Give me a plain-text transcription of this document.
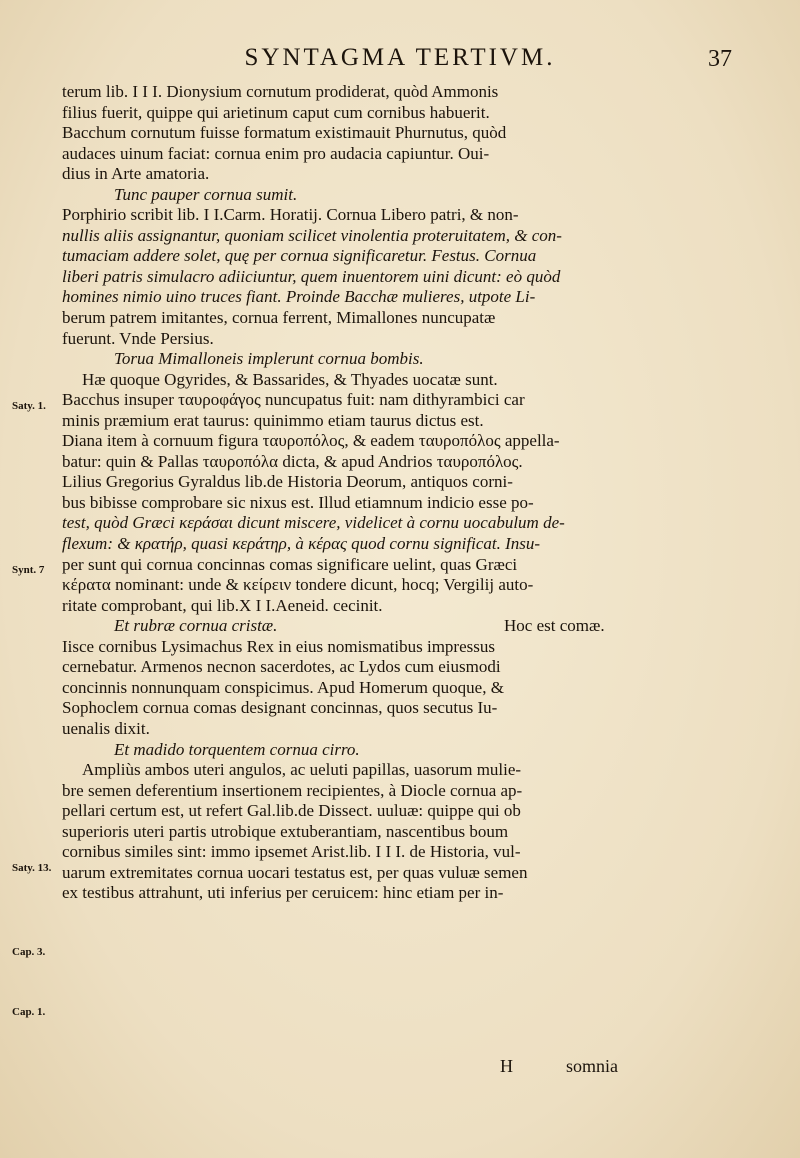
SYNTAGMA TERTIVM.	37
terum lib. I I I. Dionysium cornutum prodiderat, quòd Ammonis
filius fuerit, quippe qui arietinum caput cum cornibus habuerit.
Bacchum cornutum fuisse formatum existimauit Phurnutus, quòd
audaces uinum faciat: cornua enim pro audacia capiuntur. Oui-
dius in Arte amatoria.
Tunc pauper cornua sumit.
Porphirio scribit lib. I I.Carm. Horatij. Cornua Libero patri, & non-
nullis aliis assignantur, quoniam scilicet vinolentia proteruitatem, & con-
tumaciam addere solet, quę per cornua significaretur. Festus. Cornua
liberi patris simulacro adiiciuntur, quem inuentorem uini dicunt: eò quòd
homines nimio uino truces fiant. Proinde Bacchæ mulieres, utpote Li-
berum patrem imitantes, cornua ferrent, Mimallones nuncupatæ
fuerunt. Vnde Persius.
Torua Mimalloneis implerunt cornua bombis.
Hæ quoque Ogyrides, & Bassarides, & Thyades uocatæ sunt.
Bacchus insuper ταυροφάγος nuncupatus fuit: nam dithyrambici car
minis præmium erat taurus: quinimmo etiam taurus dictus est.
Diana item à cornuum figura ταυροπόλος, & eadem ταυροπόλος appella-
batur: quin & Pallas ταυροπόλα dicta, & apud Andrios ταυροπόλος.
Lilius Gregorius Gyraldus lib.de Historia Deorum, antiquos corni-
bus bibisse comprobare sic nixus est. Illud etiamnum indicio esse po-
test, quòd Græci κεράσαι dicunt miscere, videlicet à cornu uocabulum de-
flexum: & κρατήρ, quasi κεράτηρ, à κέρας quod cornu significat. Insu-
per sunt qui cornua concinnas comas significare uelint, quas Græci
κέρατα nominant: unde & κείρειν tondere dicunt, hocq; Vergilij auto-
ritate comprobant, qui lib.X I I.Aeneid. cecinit.
Et rubræ cornua cristæ.	Hoc est comæ.
Iisce cornibus Lysimachus Rex in eius nomismatibus impressus
cernebatur. Armenos necnon sacerdotes, ac Lydos cum eiusmodi
concinnis nonnunquam conspicimus. Apud Homerum quoque, &
Sophoclem cornua comas designant concinnas, quos secutus Iu-
uenalis dixit.
Et madido torquentem cornua cirro.
Ampliùs ambos uteri angulos, ac ueluti papillas, uasorum mulie-
bre semen deferentium insertionem recipientes, à Diocle cornua ap-
pellari certum est, ut refert Gal.lib.de Dissect. uuluæ: quippe qui ob
superioris uteri partis utrobique extuberantiam, nascentibus boum
cornibus similes sint: immo ipsemet Arist.lib. I I I. de Historia, vul-
uarum extremitates cornua uocari testatus est, per quas vuluæ semen
ex testibus attrahunt, uti inferius per ceruicem: hinc etiam per in-
Saty. 1.
Synt. 7
Saty. 13.
Cap. 3.
Cap. 1.
H	somnia
